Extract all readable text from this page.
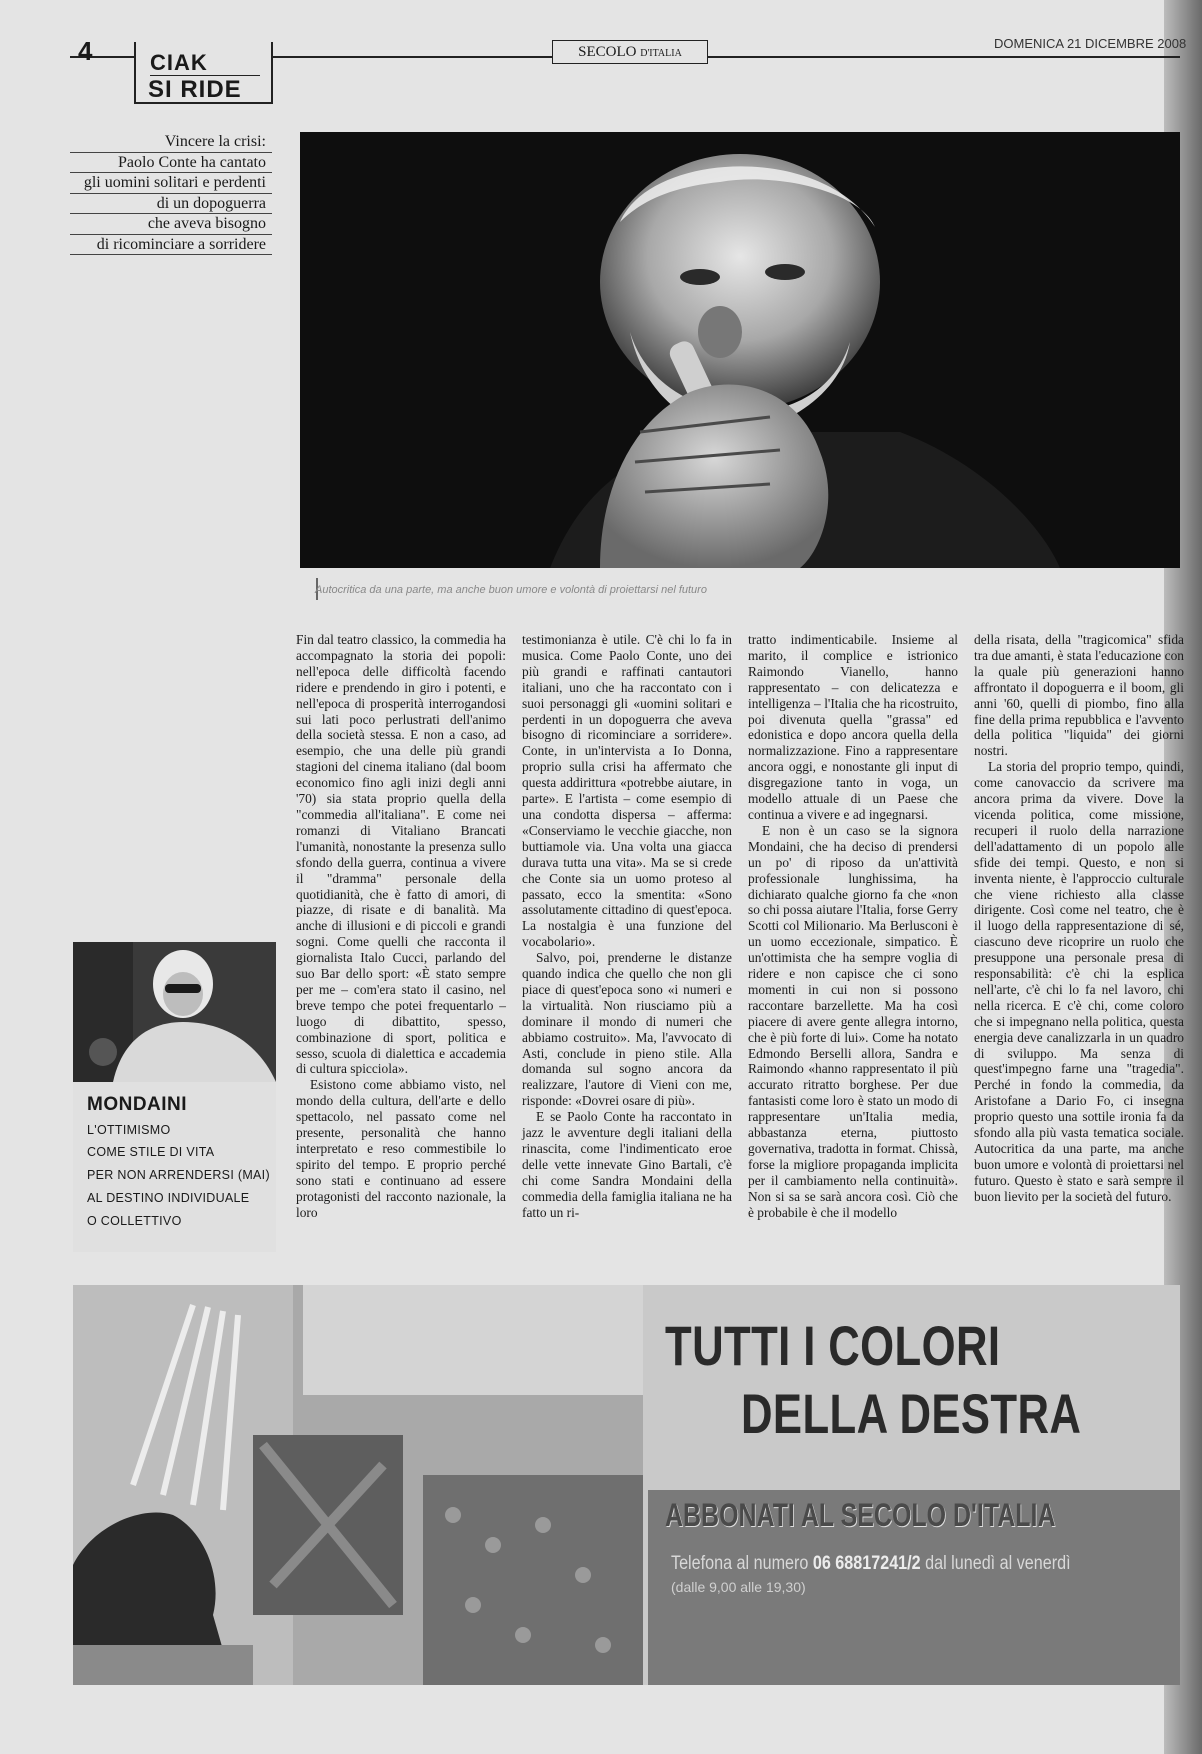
4	CIAK
SI RIDE
SECOLO D'ITALIA
DOMENICA 21 DICEMBRE 2008
Vincere la crisi:
Paolo Conte ha cantato
gli uomini solitari e perdenti
di un dopoguerra
che aveva bisogno
di ricominciare a sorridere
Autocritica da una parte, ma anche buon umore e volontà di proiettarsi nel futuro

Fin dal teatro classico, la commedia ha accompagnato la storia dei popoli: nell'epoca delle difficoltà facendo ridere e prendendo in giro i potenti, e nell'epoca di prosperità interrogandosi sui lati poco perlustrati dell'animo della società stessa. E non a caso, ad esempio, che una delle più grandi stagioni del cinema italiano (dal boom economico fino agli inizi degli anni '70) sia stata proprio quella della "commedia all'italiana". E come nei romanzi di Vitaliano Brancati l'umanità, nonostante la presenza sullo sfondo della guerra, continua a vivere il "dramma" personale della quotidianità, che è fatto di amori, di piazze, di risate e di banalità. Ma anche di illusioni e di piccoli e grandi sogni. Come quelli che racconta il giornalista Italo Cucci, parlando del suo Bar dello sport: «È stato sempre per me – com'era stato il casino, nel breve tempo che potei frequentarlo – luogo di dibattito, spesso, combinazione di sport, politica e sesso, scuola di dialettica e accademia di cultura spicciola».

Esistono come abbiamo visto, nel mondo della cultura, dell'arte e dello spettacolo, nel passato come nel presente, personalità che hanno interpretato e reso commestibile lo spirito del tempo. E proprio perché sono stati e continuano ad essere protagonisti del racconto nazionale, la loro

testimonianza è utile. C'è chi lo fa in musica. Come Paolo Conte, uno dei più grandi e raffinati cantautori italiani, uno che ha raccontato con i suoi personaggi gli «uomini solitari e perdenti in un dopoguerra che aveva bisogno di ricominciare a sorridere». Conte, in un'intervista a Io Donna, proprio sulla crisi ha affermato che questa addirittura «potrebbe aiutare, in parte». E l'artista – come esempio di una condotta dispersa – afferma: «Conserviamo le vecchie giacche, non buttiamole via. Una volta una giacca durava tutta una vita». Ma se si crede che Conte sia un uomo proteso al passato, ecco la smentita: «Sono assolutamente cittadino di quest'epoca. La nostalgia è una funzione del vocabolario».

Salvo, poi, prenderne le distanze quando indica che quello che non gli piace di quest'epoca sono «i numeri e la virtualità. Non riusciamo più a dominare il mondo di numeri che abbiamo costruito». Ma, l'avvocato di Asti, conclude in pieno stile. Alla domanda sul sogno ancora da realizzare, l'autore di Vieni con me, risponde: «Dovrei osare di più».

E se Paolo Conte ha raccontato in jazz le avventure degli italiani della rinascita, come l'indimenticato eroe delle vette innevate Gino Bartali, c'è chi come Sandra Mondaini della commedia della famiglia italiana ne ha fatto un ri-

tratto indimenticabile. Insieme al marito, il complice e istrionico Raimondo Vianello, hanno rappresentato – con delicatezza e intelligenza – l'Italia che ha ricostruito, poi divenuta quella "grassa" ed edonistica e dopo ancora quella della normalizzazione. Fino a rappresentare ancora oggi, e nonostante gli input di disgregazione tanto in voga, un modello attuale di un Paese che continua a vivere e ad ingegnarsi.

E non è un caso se la signora Mondaini, che ha deciso di prendersi un po' di riposo da un'attività professionale lunghissima, ha dichiarato qualche giorno fa che «non so chi possa aiutare l'Italia, forse Gerry Scotti col Milionario. Ma Berlusconi è un uomo eccezionale, simpatico. È un'ottimista che ha sempre voglia di ridere e non capisce che ci sono momenti in cui non si possono raccontare barzellette. Ma ha così piacere di avere gente allegra intorno, che è più forte di lui». Come ha notato Edmondo Berselli allora, Sandra e Raimondo «hanno rappresentato il più accurato ritratto borghese. Per due fantasisti come loro è stato un modo di rappresentare un'Italia media, abbastanza eterna, piuttosto governativa, tradotta in format. Chissà, forse la migliore propaganda implicita per il cambiamento nella continuità». Non si sa se sarà ancora così. Ciò che è probabile è che il modello

della risata, della "tragicomica" sfida tra due amanti, è stata l'educazione con la quale più generazioni hanno affrontato il dopoguerra e il boom, gli anni '60, quelli di piombo, fino alla fine della prima repubblica e l'avvento della politica "liquida" dei giorni nostri.

La storia del proprio tempo, quindi, come canovaccio da scrivere ma ancora prima da vivere. Dove la vicenda politica, come missione, recuperi il ruolo della narrazione dell'adattamento di un popolo alle sfide dei tempi. Questo, e non si inventa niente, è l'approccio culturale che viene richiesto alla classe dirigente. Così come nel teatro, che è il luogo della rappresentazione di sé, ciascuno deve ricoprire un ruolo che presuppone una personale presa di responsabilità: c'è chi la esplica nell'arte, c'è chi lo fa nel lavoro, chi nella ricerca. E c'è chi, come coloro che si impegnano nella politica, questa energia deve canalizzarla in un quadro di sviluppo. Ma senza di quest'impegno farne una "tragedia". Perché in fondo la commedia, da Aristofane a Dario Fo, ci insegna proprio questo una sottile ironia fa da sfondo alla più vasta tematica sociale. Autocritica da una parte, ma anche buon umore e volontà di proiettarsi nel futuro. Questo è stato e sarà sempre il buon lievito per la società del futuro.

MONDAINI
L'OTTIMISMO
COME STILE DI VITA
PER NON ARRENDERSI (MAI)
AL DESTINO INDIVIDUALE
O COLLETTIVO
TUTTI I COLORI
DELLA DESTRA
ABBONATI AL SECOLO D'ITALIA
Telefona al numero 06 68817241/2 dal lunedì al venerdì
(dalle 9,00 alle 19,30)
